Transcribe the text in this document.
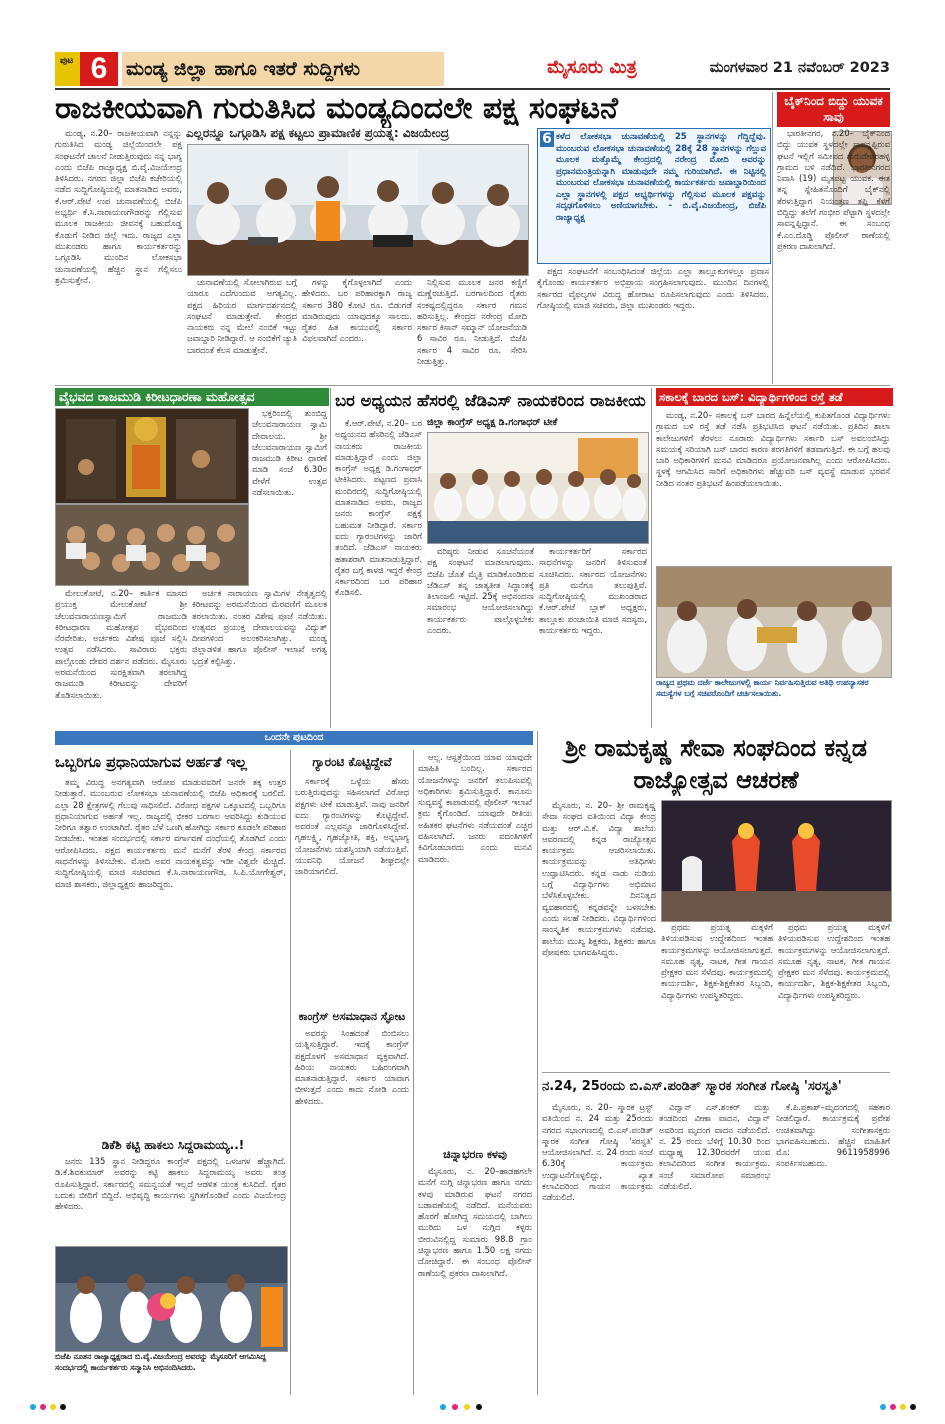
ಪುಟ 6 ಮಂಡ್ಯ ಜಿಲ್ಲಾ ಹಾಗೂ ಇತರೆ ಸುದ್ದಿಗಳು	ಮೈಸೂರು ಮಿತ್ರ	ಮಂಗಳವಾರ 21 ನವೆಂಬರ್ 2023
ರಾಜಕೀಯವಾಗಿ ಗುರುತಿಸಿದ ಮಂಡ್ಯದಿಂದಲೇ ಪಕ್ಷ ಸಂಘಟನೆ
ಎಲ್ಲರನ್ನೂ ಒಗ್ಗೂಡಿಸಿ ಪಕ್ಷ ಕಟ್ಟಲು ಪ್ರಾಮಾಣಿಕ ಪ್ರಯತ್ನ: ವಿಜಯೇಂದ್ರ

ಮಂಡ್ಯ, ನ.20– ರಾಜಕೀಯವಾಗಿ ನನ್ನನ್ನು ಗುರುತಿಸಿದ ಮಂಡ್ಯ ಜಿಲ್ಲೆಯಿಂದಲೇ ಪಕ್ಷ ಸಂಘಟನೆಗೆ ಚಾಲನೆ ನೀಡುತ್ತಿರುವುದು ನನ್ನ ಭಾಗ್ಯ ಎಂದು ಬಿಜೆಪಿ ರಾಜ್ಯಾಧ್ಯಕ್ಷ ಬಿ.ವೈ.ವಿಜಯೇಂದ್ರ ತಿಳಿಸಿದರು. ನಗರದ ಜಿಲ್ಲಾ ಬಿಜೆಪಿ ಕಚೇರಿಯಲ್ಲಿ ನಡೆದ ಸುದ್ದಿಗೋಷ್ಠಿಯಲ್ಲಿ ಮಾತನಾಡಿದ ಅವರು, ಕೆ.ಆರ್.ಪೇಟೆ ಉಪ ಚುನಾವಣೆಯಲ್ಲಿ ಬಿಜೆಪಿ ಅಭ್ಯರ್ಥಿ ಕೆ.ಸಿ.ನಾರಾಯಣಗೌಡರನ್ನು ಗೆಲ್ಲಿಸುವ ಮೂಲಕ ರಾಜಕೀಯ ಜೀವನಕ್ಕೆ ಬಹುದೊಡ್ಡ ಕೊಡುಗೆ ನೀಡಿದ ಜಿಲ್ಲೆ ಇದು. ರಾಜ್ಯದ ಎಲ್ಲಾ ಮುಖಂಡರು ಹಾಗೂ ಕಾರ್ಯಕರ್ತರನ್ನು ಒಗ್ಗೂಡಿಸಿ ಮುಂದಿನ ಲೋಕಸಭಾ ಚುನಾವಣೆಯಲ್ಲಿ ಹೆಚ್ಚಿನ ಸ್ಥಾನ ಗೆಲ್ಲಿಸಲು ಶ್ರಮಿಸುತ್ತೇನೆ.	ಚುನಾವಣೆಯಲ್ಲಿ ಸೋಲಾಗಿರುವ ಬಗ್ಗೆ ಯಾರೂ ಎದೆಗುಂದುವ ಅಗತ್ಯವಿಲ್ಲ. ಪಕ್ಷದ ಹಿರಿಯರ ಮಾರ್ಗದರ್ಶನದಲ್ಲಿ ಸಂಘಟನೆ ಮಾಡುತ್ತೇವೆ. ಕೇಂದ್ರದ ನಾಯಕರು ನನ್ನ ಮೇಲೆ ನಂಬಿಕೆ ಇಟ್ಟು ಜವಾಬ್ದಾರಿ ನೀಡಿದ್ದಾರೆ. ಆ ನಂಬಿಕೆಗೆ ಚ್ಯುತಿ ಬಾರದಂತೆ ಕೆಲಸ ಮಾಡುತ್ತೇನೆ.

ಗಳನ್ನು ಕೈಗೊಳ್ಳಲಾಗಿದೆ ಎಂದು ಹೇಳಿದರು. ಬರ ಪರಿಹಾರಕ್ಕಾಗಿ ರಾಜ್ಯ ಸರ್ಕಾರ 380 ಕೋಟಿ ರೂ. ಬಿಡುಗಡೆ ಮಾಡಿರುವುದು ಯಾವುದಕ್ಕೂ ಸಾಲದು. ರೈತರ ಹಿತ ಕಾಯುವಲ್ಲಿ ಸರ್ಕಾರ ವಿಫಲವಾಗಿದೆ ಎಂದರು.

ನಿಲ್ಲಿಸುವ ಮೂಲಕ ಜನರ ಕಣ್ಣಿಗೆ ಮಣ್ಣೆರಚುತ್ತಿದೆ. ಬರಗಾಲದಿಂದ ರೈತರು ಸಂಕಷ್ಟದಲ್ಲಿದ್ದರೂ ಸರ್ಕಾರ ಗಮನ ಹರಿಸುತ್ತಿಲ್ಲ. ಕೇಂದ್ರದ ನರೇಂದ್ರ ಮೋದಿ ಸರ್ಕಾರ ಕಿಸಾನ್ ಸಮ್ಮಾನ್ ಯೋಜನೆಯಡಿ 6 ಸಾವಿರ ರೂ. ನೀಡುತ್ತಿದೆ. ಬಿಜೆಪಿ ಸರ್ಕಾರ 4 ಸಾವಿರ ರೂ. ಸೇರಿಸಿ ನೀಡುತ್ತಿತ್ತು.

6 ಕಳೆದ ಲೋಕಸಭಾ ಚುನಾವಣೆಯಲ್ಲಿ 25 ಸ್ಥಾನಗಳನ್ನು ಗೆದ್ದಿದ್ದೆವು. ಮುಂಬರುವ ಲೋಕಸಭಾ ಚುನಾವಣೆಯಲ್ಲಿ 28ಕ್ಕೆ 28 ಸ್ಥಾನಗಳನ್ನು ಗೆಲ್ಲುವ ಮೂಲಕ ಮತ್ತೊಮ್ಮೆ ಕೇಂದ್ರದಲ್ಲಿ ನರೇಂದ್ರ ಮೋದಿ ಅವರನ್ನು ಪ್ರಧಾನಮಂತ್ರಿಯನ್ನಾಗಿ ಮಾಡುವುದೇ ನಮ್ಮ ಗುರಿಯಾಗಿದೆ. ಈ ನಿಟ್ಟಿನಲ್ಲಿ ಮುಂಬರುವ ಲೋಕಸಭಾ ಚುನಾವಣೆಯಲ್ಲಿ ಕಾರ್ಯಕರ್ತರು ಜವಾಬ್ದಾರಿಯಿಂದ ಎಲ್ಲಾ ಸ್ಥಾನಗಳಲ್ಲಿ ಪಕ್ಷದ ಅಭ್ಯರ್ಥಿಗಳನ್ನು ಗೆಲ್ಲಿಸುವ ಮೂಲಕ ಪಕ್ಷವನ್ನು ಸದೃಢಗೊಳಿಸಲು ಅಣಿಯಾಗಬೇಕು. - ಬಿ.ವೈ.ವಿಜಯೇಂದ್ರ, ಬಿಜೆಪಿ ರಾಜ್ಯಾಧ್ಯಕ್ಷ

ಪಕ್ಷದ ಸಂಘಟನೆಗೆ ಸಂಬಂಧಿಸಿದಂತೆ ಜಿಲ್ಲೆಯ ಎಲ್ಲಾ ತಾಲ್ಲೂಕುಗಳಲ್ಲೂ ಪ್ರವಾಸ ಕೈಗೊಂಡು ಕಾರ್ಯಕರ್ತರ ಅಭಿಪ್ರಾಯ ಸಂಗ್ರಹಿಸಲಾಗುವುದು. ಮುಂದಿನ ದಿನಗಳಲ್ಲಿ ಸರ್ಕಾರದ ವೈಫಲ್ಯಗಳ ವಿರುದ್ಧ ಹೋರಾಟ ರೂಪಿಸಲಾಗುವುದು ಎಂದು ತಿಳಿಸಿದರು. ಗೋಷ್ಠಿಯಲ್ಲಿ ಮಾಜಿ ಸಚಿವರು, ಜಿಲ್ಲಾ ಮುಖಂಡರು ಇದ್ದರು.

ಬೈಕ್‌ನಿಂದ ಬಿದ್ದು ಯುವಕ ಸಾವು

ಭಾರತೀನಗರ, ನ.20– ಬೈಕ್‌ನಿಂದ ಬಿದ್ದು ಯುವಕ ಸ್ಥಳದಲ್ಲೇ ಸಾವನ್ನಪ್ಪಿರುವ ಘಟನೆ ಇಲ್ಲಿಗೆ ಸಮೀಪದ ಗುರುದೇವರಹಳ್ಳಿ ಗ್ರಾಮದ ಬಳಿ ನಡೆದಿದೆ. ಭಾರತೀನಗರದ ನಿವಾಸಿ (19) ಮೃತಪಟ್ಟ ಯುವಕ. ಈತ ತನ್ನ ಸ್ನೇಹಿತನೊಂದಿಗೆ ಬೈಕ್‌ನಲ್ಲಿ ತೆರಳುತ್ತಿದ್ದಾಗ ನಿಯಂತ್ರಣ ತಪ್ಪಿ ಕೆಳಗೆ ಬಿದ್ದಿದ್ದು ತಲೆಗೆ ಗಂಭೀರ ಪೆಟ್ಟಾಗಿ ಸ್ಥಳದಲ್ಲೇ ಸಾವನ್ನಪ್ಪಿದ್ದಾನೆ. ಈ ಸಂಬಂಧ ಕೆ.ಎಂ.ದೊಡ್ಡಿ ಪೊಲೀಸ್ ಠಾಣೆಯಲ್ಲಿ ಪ್ರಕರಣ ದಾಖಲಾಗಿದೆ.

ವೈಭವದ ರಾಜಮುಡಿ ಕಿರೀಟಧಾರಣಾ ಮಹೋತ್ಸವ

ಭಕ್ತರಿಂದಲ್ಲಿ ತುಂಬಿದ್ದ ಚೆಲುವನಾರಾಯಣ ಸ್ವಾಮಿ ದೇವಾಲಯ. ಶ್ರೀ ಚೆಲುವನಾರಾಯಣ ಸ್ವಾಮಿಗೆ ರಾಜಮುಡಿ ಕಿರೀಟ ಧಾರಣೆ ಮಾಡಿ ಸಂಜೆ 6.30ರ ವೇಳೆಗೆ ಉತ್ಸವ ನಡೆಸಲಾಯಿತು.

ಮೇಲುಕೋಟೆ, ನ.20– ಕಾರ್ತಿಕ ಮಾಸದ ಪ್ರಯುಕ್ತ ಮೇಲುಕೋಟೆ ಶ್ರೀ ಚೆಲುವನಾರಾಯಣಸ್ವಾಮಿಗೆ ರಾಜಮುಡಿ ಕಿರೀಟಧಾರಣ ಮಹೋತ್ಸವ ವೈಭವದಿಂದ ನೆರವೇರಿತು. ಅರ್ಚಕರು ವಿಶೇಷ ಪೂಜೆ ಸಲ್ಲಿಸಿ ಉತ್ಸವ ನಡೆಸಿದರು. ಸಾವಿರಾರು ಭಕ್ತರು ಪಾಲ್ಗೊಂಡು ದೇವರ ದರ್ಶನ ಪಡೆದರು. ಮೈಸೂರು ಅರಮನೆಯಿಂದ ಸುರಕ್ಷಿತವಾಗಿ ತರಲಾಗಿದ್ದ ರಾಜಮುಡಿ ಕಿರೀಟವನ್ನು ದೇವರಿಗೆ ತೊಡಿಸಲಾಯಿತು.

ಅರ್ಚಕ ನಾರಾಯಣ ಸ್ವಾಮಿಗಳ ನೇತೃತ್ವದಲ್ಲಿ ಕಿರೀಟವನ್ನು ಅರಮನೆಯಿಂದ ಮೆರವಣಿಗೆ ಮೂಲಕ ತರಲಾಯಿತು. ನಂತರ ವಿಶೇಷ ಪೂಜೆ ನಡೆಯಿತು. ಉತ್ಸವದ ಪ್ರಯುಕ್ತ ದೇವಾಲಯವನ್ನು ವಿದ್ಯುತ್ ದೀಪಗಳಿಂದ ಅಲಂಕರಿಸಲಾಗಿತ್ತು. ಮಂಡ್ಯ ಜಿಲ್ಲಾಡಳಿತ ಹಾಗೂ ಪೊಲೀಸ್ ಇಲಾಖೆ ಅಗತ್ಯ ಭದ್ರತೆ ಕಲ್ಪಿಸಿತ್ತು.

ಬರ ಅಧ್ಯಯನ ಹೆಸರಲ್ಲಿ ಜೆಡಿಎಸ್ ನಾಯಕರಿಂದ ರಾಜಕೀಯ

ಕೆ.ಆರ್.ಪೇಟೆ, ನ.20– ಬರ ಅಧ್ಯಯನದ ಹೆಸರಿನಲ್ಲಿ ಜೆಡಿಎಸ್ ನಾಯಕರು ರಾಜಕೀಯ ಮಾಡುತ್ತಿದ್ದಾರೆ ಎಂದು ಜಿಲ್ಲಾ ಕಾಂಗ್ರೆಸ್ ಅಧ್ಯಕ್ಷ ಡಿ.ಗಂಗಾಧರ್ ಟೀಕಿಸಿದರು. ಪಟ್ಟಣದ ಪ್ರವಾಸಿ ಮಂದಿರದಲ್ಲಿ ಸುದ್ದಿಗೋಷ್ಠಿಯಲ್ಲಿ ಮಾತನಾಡಿದ ಅವರು, ರಾಜ್ಯದ ಜನರು ಕಾಂಗ್ರೆಸ್ ಪಕ್ಷಕ್ಕೆ ಬಹುಮತ ನೀಡಿದ್ದಾರೆ. ಸರ್ಕಾರ ಐದು ಗ್ಯಾರಂಟಿಗಳನ್ನು ಜಾರಿಗೆ ತಂದಿದೆ. ಜೆಡಿಎಸ್ ನಾಯಕರು ಹತಾಶರಾಗಿ ಮಾತನಾಡುತ್ತಿದ್ದಾರೆ. ರೈತರ ಬಗ್ಗೆ ಕಾಳಜಿ ಇದ್ದರೆ ಕೇಂದ್ರ ಸರ್ಕಾರದಿಂದ ಬರ ಪರಿಹಾರ ಕೊಡಿಸಲಿ.

ಜಿಲ್ಲಾ ಕಾಂಗ್ರೆಸ್ ಅಧ್ಯಕ್ಷ ಡಿ.ಗಂಗಾಧರ್ ಟೀಕೆ

ವರಿಷ್ಠರು ನೀಡುವ ಸೂಚನೆಯಂತೆ ಪಕ್ಷ ಸಂಘಟನೆ ಮಾಡಲಾಗುವುದು. ಬಿಜೆಪಿ ಜೊತೆ ಮೈತ್ರಿ ಮಾಡಿಕೊಂಡಿರುವ ಜೆಡಿಎಸ್ ತನ್ನ ಜಾತ್ಯತೀತ ಸಿದ್ಧಾಂತಕ್ಕೆ ತಿಲಾಂಜಲಿ ಇಟ್ಟಿದೆ. 25ಕ್ಕೆ ಅಭಿನಂದನಾ ಸಮಾರಂಭ ಆಯೋಜಿಸಲಾಗಿದ್ದು ಕಾರ್ಯಕರ್ತರು ಪಾಲ್ಗೊಳ್ಳಬೇಕು ಎಂದರು.

ಕಾರ್ಯಕರ್ತರಿಗೆ ಸರ್ಕಾರದ ಸಾಧನೆಗಳನ್ನು ಜನರಿಗೆ ತಿಳಿಸುವಂತೆ ಸೂಚಿಸಿದರು. ಸರ್ಕಾರದ ಯೋಜನೆಗಳು ಪ್ರತಿ ಮನೆಗೂ ತಲುಪುತ್ತಿವೆ. ಸುದ್ದಿಗೋಷ್ಠಿಯಲ್ಲಿ ಮುಖಂಡರಾದ ಕೆ.ಆರ್.ಪೇಟೆ ಬ್ಲಾಕ್ ಅಧ್ಯಕ್ಷರು, ತಾಲ್ಲೂಕು ಪಂಚಾಯಿತಿ ಮಾಜಿ ಸದಸ್ಯರು, ಕಾರ್ಯಕರ್ತರು ಇದ್ದರು.

ಸಕಾಲಕ್ಕೆ ಬಾರದ ಬಸ್: ವಿದ್ಯಾರ್ಥಿಗಳಿಂದ ರಸ್ತೆ ತಡೆ

ಮಂಡ್ಯ, ನ.20– ಸಕಾಲಕ್ಕೆ ಬಸ್ ಬಾರದ ಹಿನ್ನೆಲೆಯಲ್ಲಿ ಕುಪಿತಗೊಂಡ ವಿದ್ಯಾರ್ಥಿಗಳು ಗ್ರಾಮದ ಬಳಿ ರಸ್ತೆ ತಡೆ ನಡೆಸಿ ಪ್ರತಿಭಟಿಸಿದ ಘಟನೆ ನಡೆಯಿತು. ಪ್ರತಿದಿನ ಶಾಲಾ ಕಾಲೇಜುಗಳಿಗೆ ತೆರಳಲು ನೂರಾರು ವಿದ್ಯಾರ್ಥಿಗಳು ಸರ್ಕಾರಿ ಬಸ್ ಅವಲಂಬಿಸಿದ್ದು ಸಮಯಕ್ಕೆ ಸರಿಯಾಗಿ ಬಸ್ ಬಾರದ ಕಾರಣ ತರಗತಿಗಳಿಗೆ ತಡವಾಗುತ್ತಿದೆ. ಈ ಬಗ್ಗೆ ಹಲವು ಬಾರಿ ಅಧಿಕಾರಿಗಳಿಗೆ ಮನವಿ ಮಾಡಿದರೂ ಪ್ರಯೋಜನವಾಗಿಲ್ಲ ಎಂದು ಆರೋಪಿಸಿದರು. ಸ್ಥಳಕ್ಕೆ ಆಗಮಿಸಿದ ಸಾರಿಗೆ ಅಧಿಕಾರಿಗಳು ಹೆಚ್ಚುವರಿ ಬಸ್ ವ್ಯವಸ್ಥೆ ಮಾಡುವ ಭರವಸೆ ನೀಡಿದ ನಂತರ ಪ್ರತಿಭಟನೆ ಹಿಂಪಡೆಯಲಾಯಿತು.

ರಾಜ್ಯದ ಪ್ರಥಮ ದರ್ಜೆ ಕಾಲೇಜುಗಳಲ್ಲಿ ಕಾರ್ಯ ನಿರ್ವಹಿಸುತ್ತಿರುವ ಅತಿಥಿ ಉಪನ್ಯಾಸಕರ ಸಮಸ್ಯೆಗಳ ಬಗ್ಗೆ ಸಚಿವರೊಂದಿಗೆ ಚರ್ಚಿಸಲಾಯಿತು.
ಒಂದನೇ ಪುಟದಿಂದ
ಒಬ್ಬರಿಗೂ ಪ್ರಧಾನಿಯಾಗುವ ಅರ್ಹತೆ ಇಲ್ಲ

ತಮ್ಮ ವಿರುದ್ಧ ಅನಗತ್ಯವಾಗಿ ಆರೋಪ ಮಾಡುವವರಿಗೆ ಜನರೇ ತಕ್ಕ ಉತ್ತರ ನೀಡುತ್ತಾರೆ. ಮುಂಬರುವ ಲೋಕಸಭಾ ಚುನಾವಣೆಯಲ್ಲಿ ಬಿಜೆಪಿ ಅಧಿಕಾರಕ್ಕೆ ಬರಲಿದೆ. ಎಲ್ಲಾ 28 ಕ್ಷೇತ್ರಗಳಲ್ಲಿ ಗೆಲುವು ಸಾಧಿಸಲಿದೆ. ವಿರೋಧ ಪಕ್ಷಗಳ ಒಕ್ಕೂಟದಲ್ಲಿ ಒಬ್ಬರಿಗೂ ಪ್ರಧಾನಿಯಾಗುವ ಅರ್ಹತೆ ಇಲ್ಲ. ರಾಜ್ಯದಲ್ಲಿ ಭೀಕರ ಬರಗಾಲ ಆವರಿಸಿದ್ದು ಕುಡಿಯುವ ನೀರಿಗೂ ತತ್ವಾರ ಉಂಟಾಗಿದೆ. ರೈತರ ಬೆಳೆ ಒಣಗಿ ಹೋಗಿದ್ದು ಸರ್ಕಾರ ಕೂಡಲೇ ಪರಿಹಾರ ನೀಡಬೇಕು. ಇಂತಹ ಸಂದರ್ಭದಲ್ಲಿ ಸರ್ಕಾರ ವರ್ಗಾವಣೆ ದಂಧೆಯಲ್ಲಿ ತೊಡಗಿದೆ ಎಂದು ಆರೋಪಿಸಿದರು. ಪಕ್ಷದ ಕಾರ್ಯಕರ್ತರು ಮನೆ ಮನೆಗೆ ತೆರಳಿ ಕೇಂದ್ರ ಸರ್ಕಾರದ ಸಾಧನೆಗಳನ್ನು ತಿಳಿಸಬೇಕು. ಮೋದಿ ಅವರ ನಾಯಕತ್ವವನ್ನು ಇಡೀ ವಿಶ್ವವೇ ಮೆಚ್ಚಿದೆ. ಸುದ್ದಿಗೋಷ್ಠಿಯಲ್ಲಿ ಮಾಜಿ ಸಚಿವರಾದ ಕೆ.ಸಿ.ನಾರಾಯಣಗೌಡ, ಸಿ.ಪಿ.ಯೋಗೇಶ್ವರ್, ಮಾಜಿ ಶಾಸಕರು, ಜಿಲ್ಲಾಧ್ಯಕ್ಷರು ಹಾಜರಿದ್ದರು.

ಡಿಕೆಶಿ ಕಟ್ಟಿ ಹಾಕಲು ಸಿದ್ದರಾಮಯ್ಯ..!

ಜನರು 135 ಸ್ಥಾನ ನೀಡಿದ್ದರೂ ಕಾಂಗ್ರೆಸ್ ಪಕ್ಷದಲ್ಲಿ ಒಳಜಗಳ ಹೆಚ್ಚಾಗಿದೆ. ಡಿ.ಕೆ.ಶಿವಕುಮಾರ್ ಅವರನ್ನು ಕಟ್ಟಿ ಹಾಕಲು ಸಿದ್ದರಾಮಯ್ಯ ಅವರು ತಂತ್ರ ರೂಪಿಸುತ್ತಿದ್ದಾರೆ. ಸರ್ಕಾರದಲ್ಲಿ ಸಮನ್ವಯತೆ ಇಲ್ಲದೆ ಆಡಳಿತ ಯಂತ್ರ ಕುಸಿದಿದೆ. ರೈತರ ಬದುಕು ಬೀದಿಗೆ ಬಿದ್ದಿದೆ. ಅಭಿವೃದ್ಧಿ ಕಾರ್ಯಗಳು ಸ್ಥಗಿತಗೊಂಡಿವೆ ಎಂದು ವಿಜಯೇಂದ್ರ ಹೇಳಿದರು.

ಬಿಜೆಪಿ ನೂತನ ರಾಜ್ಯಾಧ್ಯಕ್ಷರಾದ ಬಿ.ವೈ.ವಿಜಯೇಂದ್ರ ಅವರನ್ನು ಮೈಸೂರಿಗೆ ಆಗಮಿಸಿದ್ದ ಸಂದರ್ಭದಲ್ಲಿ ಕಾರ್ಯಕರ್ತರು ಸನ್ಮಾನಿಸಿ ಅಭಿನಂದಿಸಿದರು.
ಗ್ಯಾರಂಟಿ ಕೊಟ್ಟಿದ್ದೇವೆ

ಸರ್ಕಾರಕ್ಕೆ ಒಳ್ಳೆಯ ಹೆಸರು ಬರುತ್ತಿರುವುದನ್ನು ಸಹಿಸಲಾಗದೆ ವಿರೋಧ ಪಕ್ಷಗಳು ಟೀಕೆ ಮಾಡುತ್ತಿವೆ. ನಾವು ಜನರಿಗೆ ಐದು ಗ್ಯಾರಂಟಿಗಳನ್ನು ಕೊಟ್ಟಿದ್ದೇವೆ. ಅದರಂತೆ ಎಲ್ಲವನ್ನೂ ಜಾರಿಗೊಳಿಸಿದ್ದೇವೆ. ಗೃಹಲಕ್ಷ್ಮಿ, ಗೃಹಜ್ಯೋತಿ, ಶಕ್ತಿ, ಅನ್ನಭಾಗ್ಯ ಯೋಜನೆಗಳು ಯಶಸ್ವಿಯಾಗಿ ನಡೆಯುತ್ತಿವೆ. ಯುವನಿಧಿ ಯೋಜನೆ ಶೀಘ್ರದಲ್ಲೇ ಜಾರಿಯಾಗಲಿದೆ.

ಕಾಂಗ್ರೆಸ್ ಅಸಮಾಧಾನ ಸ್ಫೋಟ

ಅವರನ್ನು ಸಿಂಹದಂತೆ ಬಿಂಬಿಸಲು ಯತ್ನಿಸುತ್ತಿದ್ದಾರೆ. ಇದಕ್ಕೆ ಕಾಂಗ್ರೆಸ್ ಪಕ್ಷದೊಳಗೆ ಅಸಮಾಧಾನ ವ್ಯಕ್ತವಾಗಿದೆ. ಹಿರಿಯ ನಾಯಕರು ಬಹಿರಂಗವಾಗಿ ಮಾತನಾಡುತ್ತಿದ್ದಾರೆ. ಸರ್ಕಾರ ಯಾವಾಗ ಬೀಳುತ್ತದೆ ಎಂದು ಕಾದು ನೋಡಿ ಎಂದು ಹೇಳಿದರು.

ಆಲ್ಲ. ಆಸ್ಪತ್ರೆಯಿಂದ ಯಾವ ಯಾವುದೇ ಮಾಹಿತಿ ಬಂದಿಲ್ಲ. ಸರ್ಕಾರದ ಯೋಜನೆಗಳನ್ನು ಜನರಿಗೆ ತಲುಪಿಸುವಲ್ಲಿ ಅಧಿಕಾರಿಗಳು ಶ್ರಮಿಸುತ್ತಿದ್ದಾರೆ. ಕಾನೂನು ಸುವ್ಯವಸ್ಥೆ ಕಾಪಾಡುವಲ್ಲಿ ಪೊಲೀಸ್ ಇಲಾಖೆ ಕ್ರಮ ಕೈಗೊಂಡಿದೆ. ಯಾವುದೇ ರೀತಿಯ ಅಹಿತಕರ ಘಟನೆಗಳು ನಡೆಯದಂತೆ ಎಚ್ಚರ ವಹಿಸಲಾಗಿದೆ. ಜನರು ವದಂತಿಗಳಿಗೆ ಕಿವಿಗೊಡಬಾರದು ಎಂದು ಮನವಿ ಮಾಡಿದರು.

ಚಿನ್ನಾಭರಣ ಕಳವು

ಮೈಸೂರು, ನ. 20–ಹಾಡಹಗಲೇ ಮನೆಗೆ ನುಗ್ಗಿ ಚಿನ್ನಾಭರಣ ಹಾಗೂ ನಗದು ಕಳವು ಮಾಡಿರುವ ಘಟನೆ ನಗರದ ಬಡಾವಣೆಯಲ್ಲಿ ನಡೆದಿದೆ. ಮನೆಯವರು ಹೊರಗೆ ಹೋಗಿದ್ದ ಸಮಯದಲ್ಲಿ ಬಾಗಿಲು ಮುರಿದು ಒಳ ನುಗ್ಗಿದ ಕಳ್ಳರು ಬೀರುವಿನಲ್ಲಿದ್ದ ಸುಮಾರು 98.8 ಗ್ರಾಂ ಚಿನ್ನಾಭರಣ ಹಾಗೂ 1.50 ಲಕ್ಷ ನಗದು ದೋಚಿದ್ದಾರೆ. ಈ ಸಂಬಂಧ ಪೊಲೀಸ್ ಠಾಣೆಯಲ್ಲಿ ಪ್ರಕರಣ ದಾಖಲಾಗಿದೆ.

ಶ್ರೀ ರಾಮಕೃಷ್ಣ ಸೇವಾ ಸಂಘದಿಂದ ಕನ್ನಡ ರಾಜ್ಯೋತ್ಸವ ಆಚರಣೆ

ಮೈಸೂರು, ನ. 20– ಶ್ರೀ ರಾಮಕೃಷ್ಣ ಸೇವಾ ಸಂಘದ ವತಿಯಿಂದ ವಿದ್ಯಾ ಕೇಂದ್ರ ಮತ್ತು ಆರ್.ವಿ.ಕೆ. ವಿದ್ಯಾ ಶಾಲೆಯ ಆವರಣದಲ್ಲಿ ಕನ್ನಡ ರಾಜ್ಯೋತ್ಸವ ಕಾರ್ಯಕ್ರಮ ಆಚರಿಸಲಾಯಿತು. ಕಾರ್ಯಕ್ರಮವನ್ನು ಅತಿಥಿಗಳು ಉದ್ಘಾಟಿಸಿದರು. ಕನ್ನಡ ನಾಡು ನುಡಿಯ ಬಗ್ಗೆ ವಿದ್ಯಾರ್ಥಿಗಳು ಅಭಿಮಾನ ಬೆಳೆಸಿಕೊಳ್ಳಬೇಕು. ದಿನನಿತ್ಯದ ವ್ಯವಹಾರದಲ್ಲಿ ಕನ್ನಡವನ್ನೇ ಬಳಸಬೇಕು ಎಂದು ಸಲಹೆ ನೀಡಿದರು. ವಿದ್ಯಾರ್ಥಿಗಳಿಂದ ಸಾಂಸ್ಕೃತಿಕ ಕಾರ್ಯಕ್ರಮಗಳು ನಡೆದವು. ಶಾಲೆಯ ಮುಖ್ಯ ಶಿಕ್ಷಕರು, ಶಿಕ್ಷಕರು ಹಾಗೂ ಪೋಷಕರು ಭಾಗವಹಿಸಿದ್ದರು.

ಪ್ರಥಮ ಪ್ರಯತ್ನ ಮಕ್ಕಳಿಗೆ ತಿಳಿಯಪಡಿಸುವ ಉದ್ದೇಶದಿಂದ ಇಂತಹ ಕಾರ್ಯಕ್ರಮಗಳನ್ನು ಆಯೋಜಿಸಲಾಗುತ್ತದೆ. ಸಮೂಹ ನೃತ್ಯ, ನಾಟಕ, ಗೀತ ಗಾಯನ ಪ್ರೇಕ್ಷಕರ ಮನ ಸೆಳೆದವು. ಕಾರ್ಯಕ್ರಮದಲ್ಲಿ ಕಾರ್ಯದರ್ಶಿ, ಶಿಕ್ಷಕ-ಶಿಕ್ಷಕೇತರ ಸಿಬ್ಬಂದಿ, ವಿದ್ಯಾರ್ಥಿಗಳು ಉಪಸ್ಥಿತರಿದ್ದರು.

ಪ್ರಥಮ ಪ್ರಯತ್ನ ಮಕ್ಕಳಿಗೆ ತಿಳಿಯಪಡಿಸುವ ಉದ್ದೇಶದಿಂದ ಇಂತಹ ಕಾರ್ಯಕ್ರಮಗಳನ್ನು ಆಯೋಜಿಸಲಾಗುತ್ತದೆ. ಸಮೂಹ ನೃತ್ಯ, ನಾಟಕ, ಗೀತ ಗಾಯನ ಪ್ರೇಕ್ಷಕರ ಮನ ಸೆಳೆದವು. ಕಾರ್ಯಕ್ರಮದಲ್ಲಿ ಕಾರ್ಯದರ್ಶಿ, ಶಿಕ್ಷಕ-ಶಿಕ್ಷಕೇತರ ಸಿಬ್ಬಂದಿ, ವಿದ್ಯಾರ್ಥಿಗಳು ಉಪಸ್ಥಿತರಿದ್ದರು.

ನ.24, 25ರಂದು ಬಿ.ಎಸ್.ಪಂಡಿತ್ ಸ್ಮಾರಕ ಸಂಗೀತ ಗೋಷ್ಠಿ 'ಸರಸ್ವತಿ'

ಮೈಸೂರು, ನ. 20– ಸ್ಮಾರಕ ಟ್ರಸ್ಟ್ ವತಿಯಿಂದ ನ. 24 ಮತ್ತು 25ರಂದು ನಗರದ ಸಭಾಂಗಣದಲ್ಲಿ ಬಿ.ಎಸ್.ಪಂಡಿತ್ ಸ್ಮಾರಕ ಸಂಗೀತ ಗೋಷ್ಠಿ 'ಸರಸ್ವತಿ' ಆಯೋಜಿಸಲಾಗಿದೆ. ನ. 24 ರಂದು ಸಂಜೆ 6.30ಕ್ಕೆ ಕಾರ್ಯಕ್ರಮ ಉದ್ಘಾಟನೆಗೊಳ್ಳಲಿದ್ದು, ಖ್ಯಾತ ಕಲಾವಿದರಿಂದ ಗಾಯನ ಕಾರ್ಯಕ್ರಮ ನಡೆಯಲಿದೆ.

ವಿದ್ವಾನ್ ಎಸ್.ಶಂಕರ್ ಮತ್ತು ತಂಡದಿಂದ ವೀಣಾ ವಾದನ, ವಿದ್ವಾನ್ ಅವರಿಂದ ಮೃದಂಗ ವಾದನ ನಡೆಯಲಿದೆ. ನ. 25 ರಂದು ಬೆಳಿಗ್ಗೆ 10.30 ರಿಂದ ಮಧ್ಯಾಹ್ನ 12.30ರವರೆಗೆ ಯುವ ಕಲಾವಿದರಿಂದ ಸಂಗೀತ ಕಾರ್ಯಕ್ರಮ. ಸಂಜೆ ಸಮಾರೋಪ ಸಮಾರಂಭ ನಡೆಯಲಿದೆ.

ಕೆ.ಪಿ.ಪ್ರಕಾಶ್–ಮೃದಂಗದಲ್ಲಿ ಸಹಕಾರ ನೀಡಲಿದ್ದಾರೆ. ಕಾರ್ಯಕ್ರಮಕ್ಕೆ ಪ್ರವೇಶ ಉಚಿತವಾಗಿದ್ದು ಸಂಗೀತಾಸಕ್ತರು ಭಾಗವಹಿಸಬಹುದು. ಹೆಚ್ಚಿನ ಮಾಹಿತಿಗೆ ಮೊ: 9611958996 ಸಂಪರ್ಕಿಸಬಹುದು.
